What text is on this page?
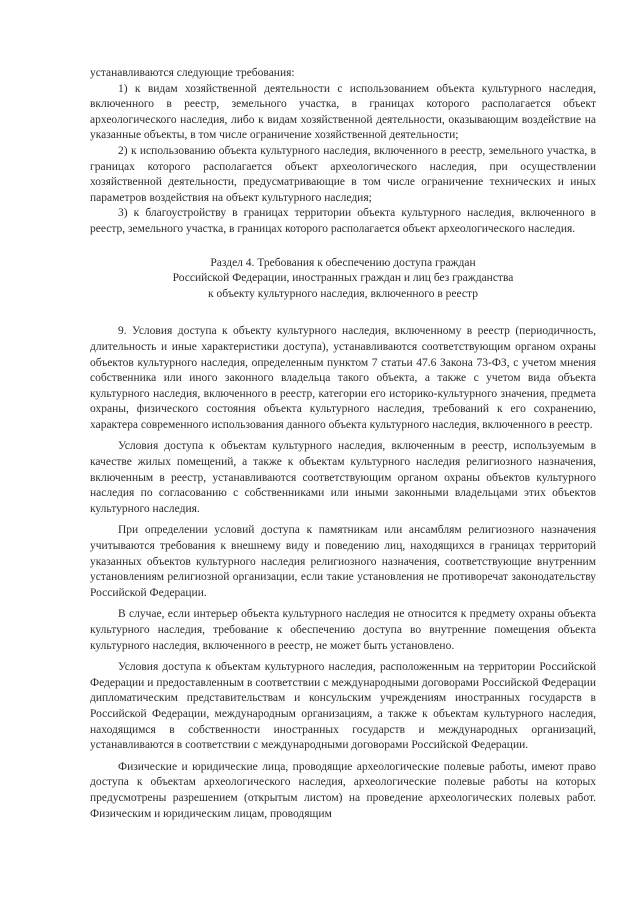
устанавливаются следующие требования:

1) к видам хозяйственной деятельности с использованием объекта культурного наследия, включенного в реестр, земельного участка, в границах которого располагается объект археологического наследия, либо к видам хозяйственной деятельности, оказывающим воздействие на указанные объекты, в том числе ограничение хозяйственной деятельности;

2) к использованию объекта культурного наследия, включенного в реестр, земельного участка, в границах которого располагается объект археологического наследия, при осуществлении хозяйственной деятельности, предусматривающие в том числе ограничение технических и иных параметров воздействия на объект культурного наследия;

3) к благоустройству в границах территории объекта культурного наследия, включенного в реестр, земельного участка, в границах которого располагается объект археологического наследия.

Раздел 4. Требования к обеспечению доступа граждан
Российской Федерации, иностранных граждан и лиц без гражданства
к объекту культурного наследия, включенного в реестр

9. Условия доступа к объекту культурного наследия, включенному в реестр (периодичность, длительность и иные характеристики доступа), устанавливаются соответствующим органом охраны объектов культурного наследия, определенным пунктом 7 статьи 47.6 Закона 73-ФЗ, с учетом мнения собственника или иного законного владельца такого объекта, а также с учетом вида объекта культурного наследия, включенного в реестр, категории его историко-культурного значения, предмета охраны, физического состояния объекта культурного наследия, требований к его сохранению, характера современного использования данного объекта культурного наследия, включенного в реестр.

Условия доступа к объектам культурного наследия, включенным в реестр, используемым в качестве жилых помещений, а также к объектам культурного наследия религиозного назначения, включенным в реестр, устанавливаются соответствующим органом охраны объектов культурного наследия по согласованию с собственниками или иными законными владельцами этих объектов культурного наследия.

При определении условий доступа к памятникам или ансамблям религиозного назначения учитываются требования к внешнему виду и поведению лиц, находящихся в границах территорий указанных объектов культурного наследия религиозного назначения, соответствующие внутренним установлениям религиозной организации, если такие установления не противоречат законодательству Российской Федерации.

В случае, если интерьер объекта культурного наследия не относится к предмету охраны объекта культурного наследия, требование к обеспечению доступа во внутренние помещения объекта культурного наследия, включенного в реестр, не может быть установлено.

Условия доступа к объектам культурного наследия, расположенным на территории Российской Федерации и предоставленным в соответствии с международными договорами Российской Федерации дипломатическим представительствам и консульским учреждениям иностранных государств в Российской Федерации, международным организациям, а также к объектам культурного наследия, находящимся в собственности иностранных государств и международных организаций, устанавливаются в соответствии с международными договорами Российской Федерации.

Физические и юридические лица, проводящие археологические полевые работы, имеют право доступа к объектам археологического наследия, археологические полевые работы на которых предусмотрены разрешением (открытым листом) на проведение археологических полевых работ. Физическим и юридическим лицам, проводящим
